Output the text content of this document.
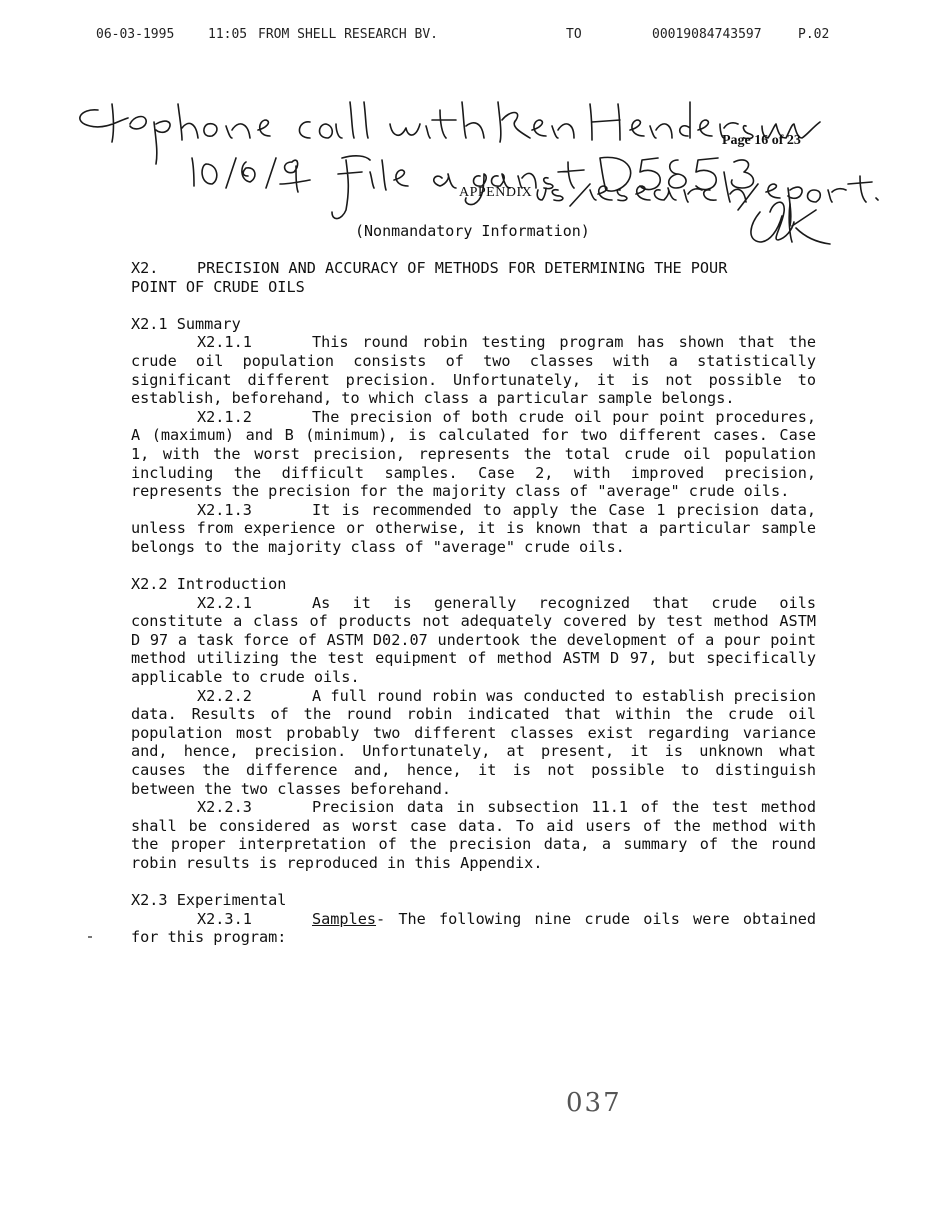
06-03-1995	11:05 FROM SHELL RESEARCH BV.	TO	00019084743597	P.02
Page 16 of 23
APPENDIX
(Nonmandatory Information)

X2.	PRECISION AND ACCURACY OF METHODS FOR DETERMINING THE POUR
POINT OF CRUDE OILS

X2.1 Summary

X2.1.1	This round robin testing program has shown that the crude oil population consists of two classes with a statistically significant different precision. Unfortunately, it is not possible to establish, beforehand, to which class a particular sample belongs.

X2.1.2	The precision of both crude oil pour point procedures, A (maximum) and B (minimum), is calculated for two different cases. Case 1, with the worst precision, represents the total crude oil population including the difficult samples. Case 2, with improved precision, represents the precision for the majority class of "average" crude oils.

X2.1.3	It is recommended to apply the Case 1 precision data, unless from experience or otherwise, it is known that a particular sample belongs to the majority class of "average" crude oils.

X2.2 Introduction

X2.2.1	As it is generally recognized that crude oils constitute a class of products not adequately covered by test method ASTM D 97 a task force of ASTM D02.07 undertook the development of a pour point method utilizing the test equipment of method ASTM D 97, but specifically applicable to crude oils.

X2.2.2	A full round robin was conducted to establish precision data. Results of the round robin indicated that within the crude oil population most probably two different classes exist regarding variance and, hence, precision. Unfortunately, at present, it is unknown what causes the difference and, hence, it is not possible to distinguish between the two classes beforehand.

X2.2.3	Precision data in subsection 11.1 of the test method shall be considered as worst case data. To aid users of the method with the proper interpretation of the precision data, a summary of the round robin results is reproduced in this Appendix.

X2.3 Experimental

X2.3.1	Samples- The following nine crude oils were obtained for this program:

037
